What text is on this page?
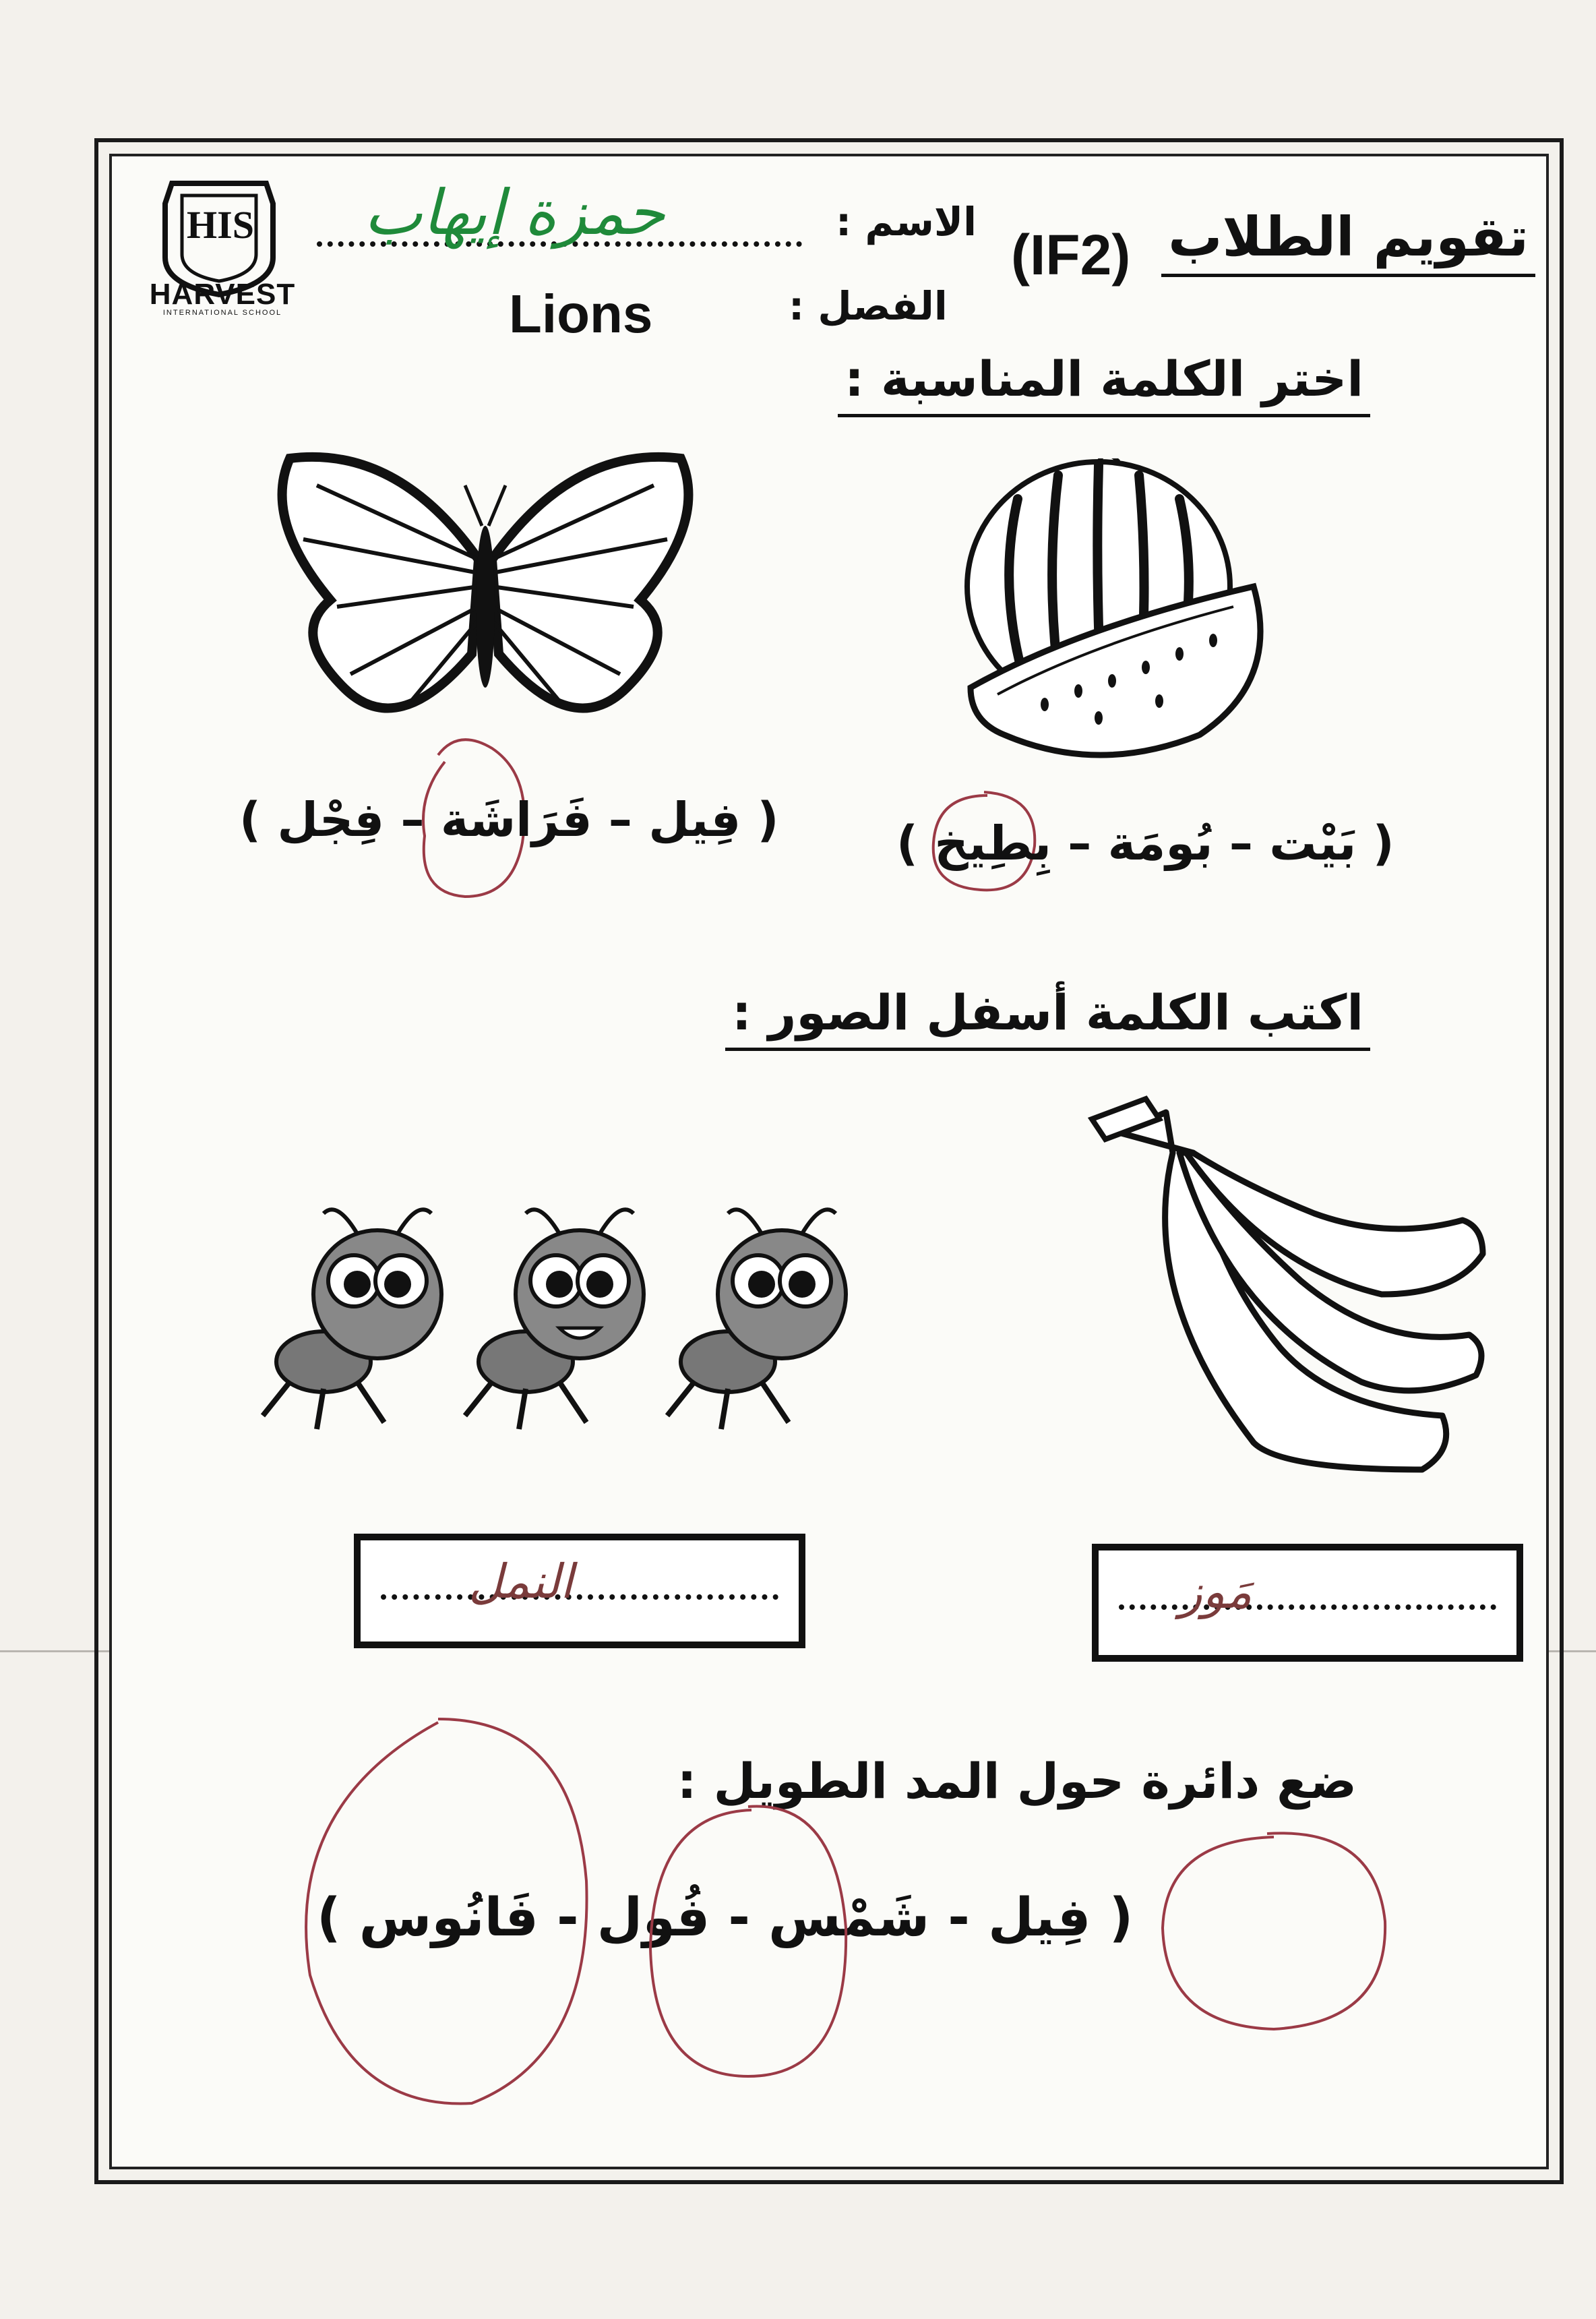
تقويم الطلاب
(IF2)
الاسم :
حمزة إيهاب
الفصل :
Lions
HIS
HARVEST
INTERNATIONAL SCHOOL
اختر الكلمة المناسبة :
( بَيْت – بُومَة – بِطِيخ )
( فِيل – فَرَاشَة – فِجْل )
اكتب الكلمة أسفل الصور :
مَوز
النمل
ضع دائرة حول المد الطويل :
( فِيل - شَمْس - فُول - فَانُوس )
